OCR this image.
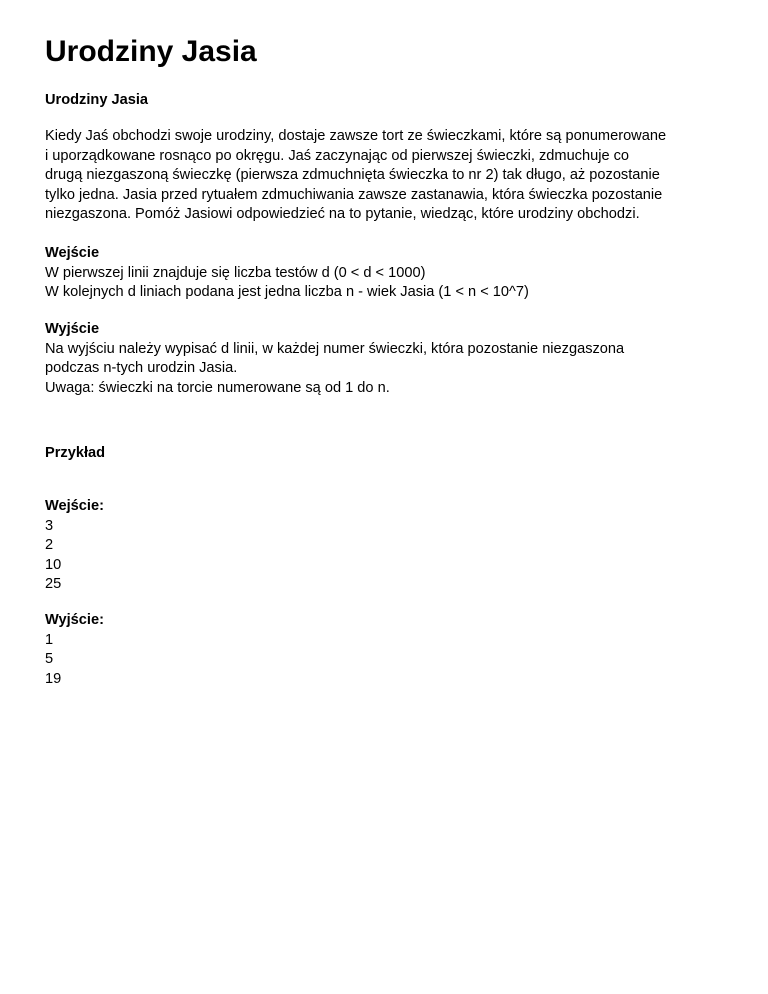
Urodziny Jasia
Urodziny Jasia
Kiedy Jaś obchodzi swoje urodziny, dostaje zawsze tort ze świeczkami, które są ponumerowane
i uporządkowane rosnąco po okręgu. Jaś zaczynając od pierwszej świeczki, zdmuchuje co
drugą niezgaszoną świeczkę (pierwsza zdmuchnięta świeczka to nr 2) tak długo, aż pozostanie
tylko jedna. Jasia przed rytuałem zdmuchiwania zawsze zastanawia, która świeczka pozostanie
niezgaszona. Pomóż Jasiowi odpowiedzieć na to pytanie, wiedząc, które urodziny obchodzi.
Wejście
W pierwszej linii znajduje się liczba testów d (0 < d < 1000)
W kolejnych d liniach podana jest jedna liczba n - wiek Jasia (1 < n < 10^7)
Wyjście
Na wyjściu należy wypisać d linii, w każdej numer świeczki, która pozostanie niezgaszona
podczas n-tych urodzin Jasia.
Uwaga: świeczki na torcie numerowane są od 1 do n.
Przykład
Wejście:
3
2
10
25
Wyjście:
1
5
19
